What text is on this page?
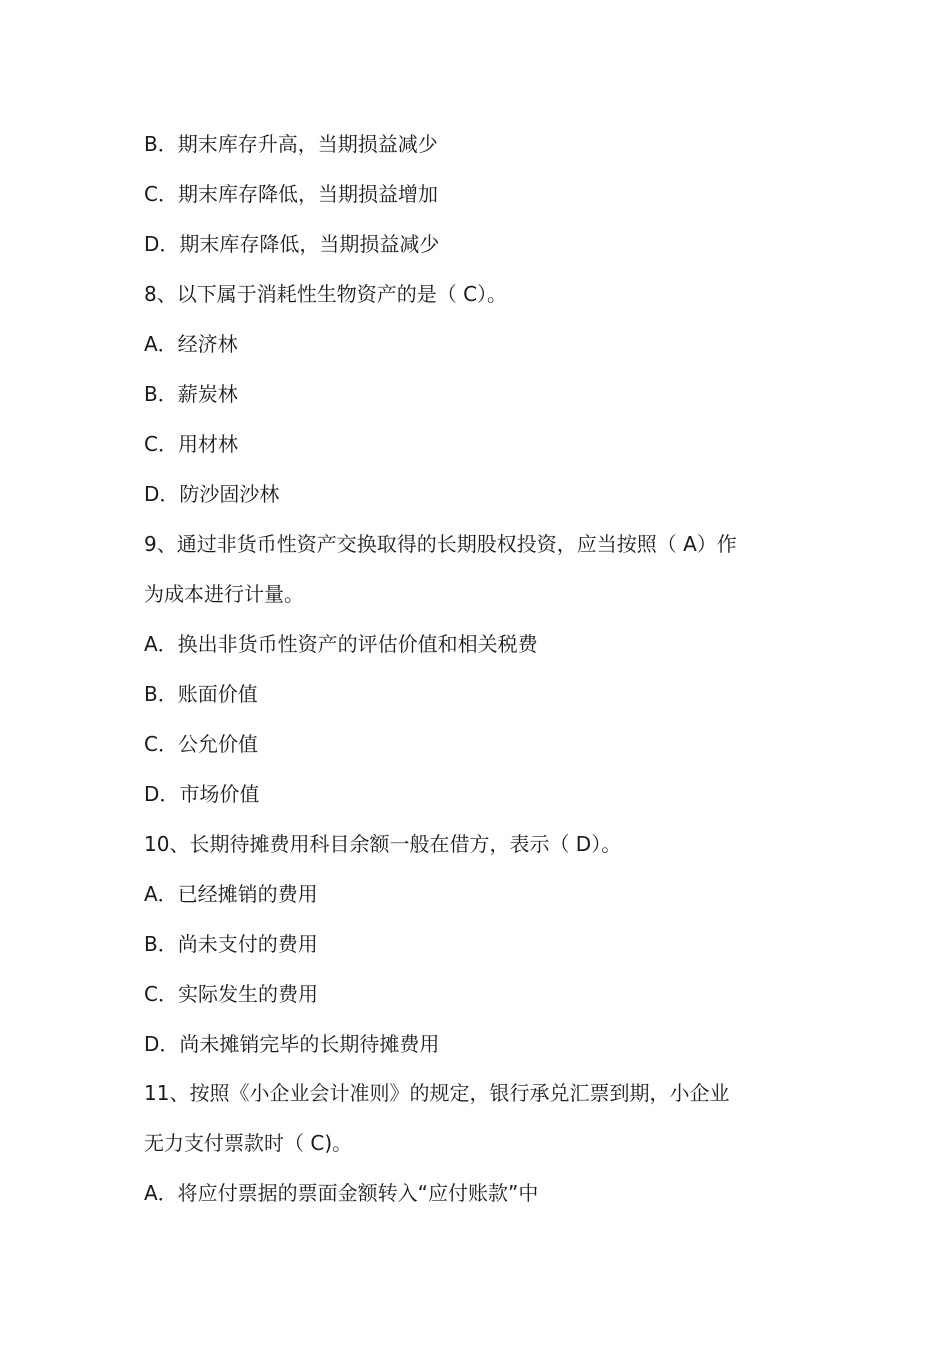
B．期末库存升高，当期损益减少
C．期末库存降低，当期损益增加
D．期末库存降低，当期损益减少
8、以下属于消耗性生物资产的是（ C）。
A．经济林
B．薪炭林
C．用材林
D．防沙固沙林
9、通过非货币性资产交换取得的长期股权投资，应当按照（ A）作
为成本进行计量。
A．换出非货币性资产的评估价值和相关税费
B．账面价值
C．公允价值
D．市场价值
10、长期待摊费用科目余额一般在借方，表示（ D）。
A．已经摊销的费用
B．尚未支付的费用
C．实际发生的费用
D．尚未摊销完毕的长期待摊费用
11、按照《小企业会计准则》的规定，银行承兑汇票到期，小企业
无力支付票款时（ C)。
A．将应付票据的票面金额转入“应付账款”中
